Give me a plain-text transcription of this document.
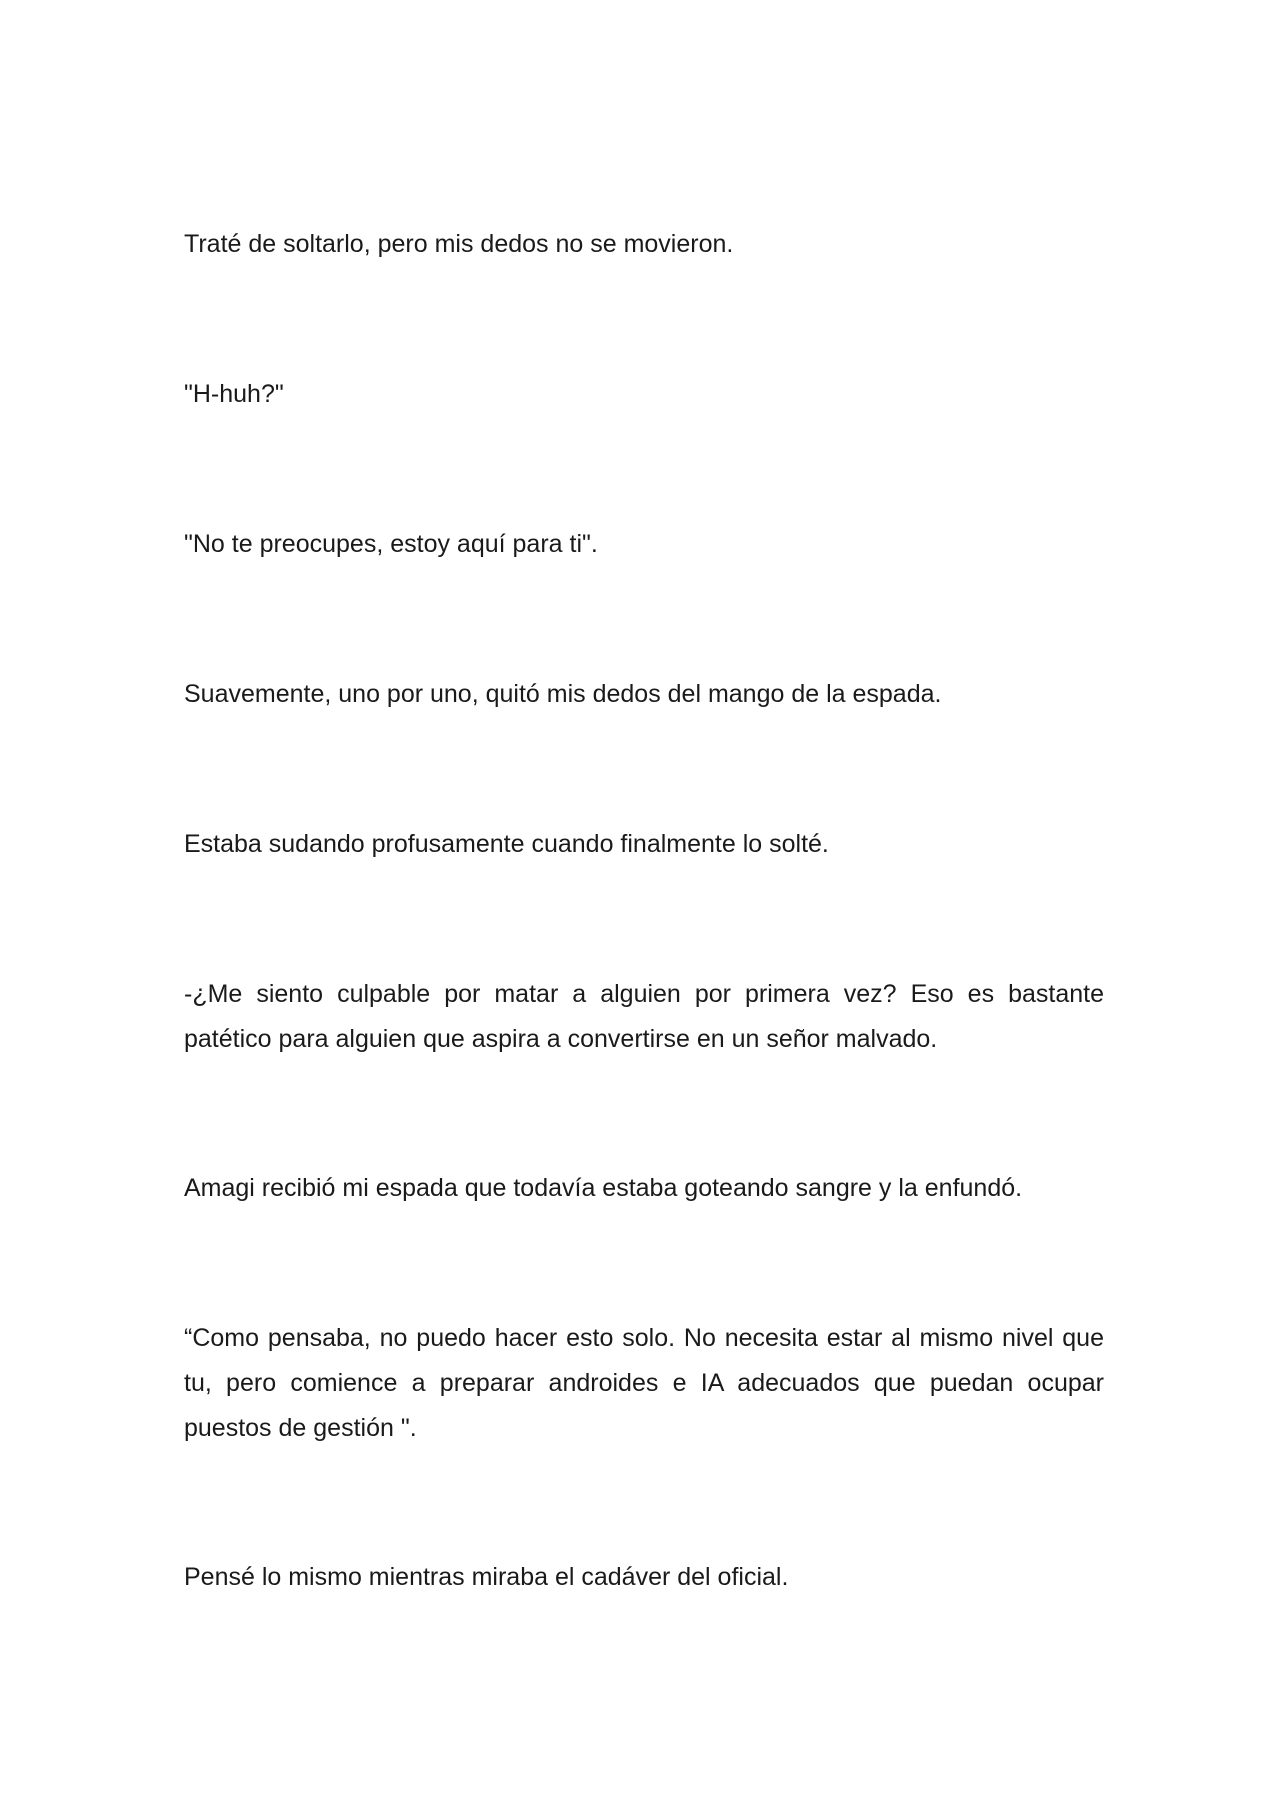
Traté de soltarlo, pero mis dedos no se movieron.

"H-huh?"

"No te preocupes, estoy aquí para ti".

Suavemente, uno por uno, quitó mis dedos del mango de la espada.

Estaba sudando profusamente cuando finalmente lo solté.

-¿Me siento culpable por matar a alguien por primera vez? Eso es bastante patético para alguien que aspira a convertirse en un señor malvado.

Amagi recibió mi espada que todavía estaba goteando sangre y la enfundó.

“Como pensaba, no puedo hacer esto solo. No necesita estar al mismo nivel que tu, pero comience a preparar androides e IA adecuados que puedan ocupar puestos de gestión ".

Pensé lo mismo mientras miraba el cadáver del oficial.
